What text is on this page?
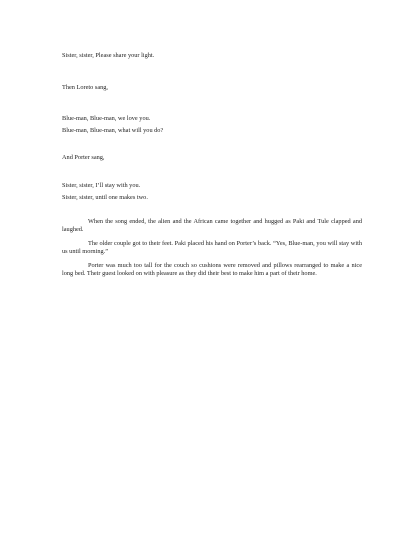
Sister, sister, Please share your light.
Then Loreto sang,
Blue-man, Blue-man, we love you.
Blue-man, Blue-man, what will you do?
And Porter sang,
Sister, sister, I’ll stay with you.
Sister, sister, until one makes two.
When the song ended, the alien and the African came together and hugged as Paki and Tule clapped and laughed.
The older couple got to their feet. Paki placed his hand on Porter’s back. “Yes, Blue-man, you will stay with us until morning.”
Porter was much too tall for the couch so cushions were removed and pillows rearranged to make a nice long bed. Their guest looked on with pleasure as they did their best to make him a part of their home.
